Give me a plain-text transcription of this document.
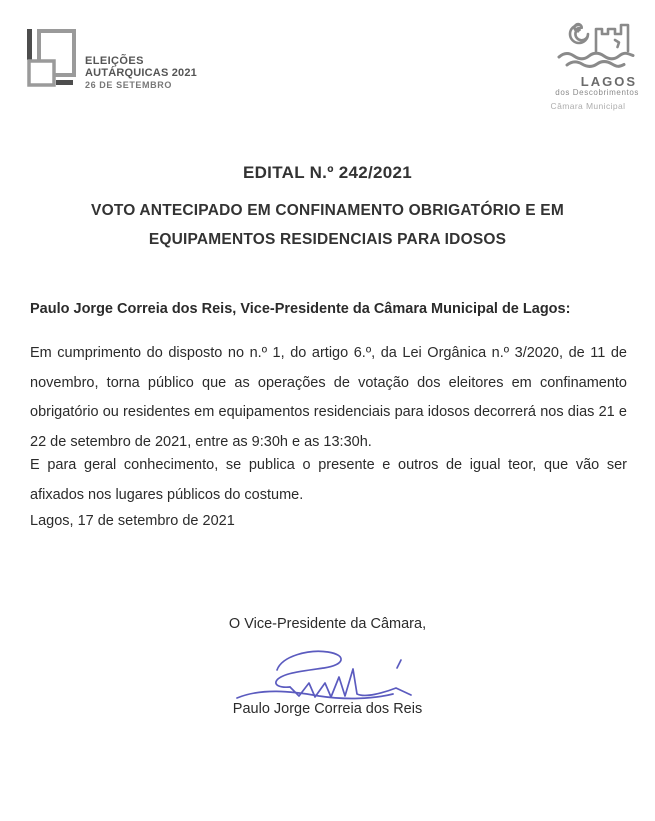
ELEIÇÕES
AUTÁRQUICAS 2021
26 DE SETEMBRO	LAGOS
dos Descobrimentos
Câmara Municipal
EDITAL N.º 242/2021
VOTO ANTECIPADO EM CONFINAMENTO OBRIGATÓRIO E EM EQUIPAMENTOS RESIDENCIAIS PARA IDOSOS
Paulo Jorge Correia dos Reis, Vice-Presidente da Câmara Municipal de Lagos:
Em cumprimento do disposto no n.º 1, do artigo 6.º, da Lei Orgânica n.º 3/2020, de 11 de novembro, torna público que as operações de votação dos eleitores em confinamento obrigatório ou residentes em equipamentos residenciais para idosos decorrerá nos dias 21 e 22 de setembro de 2021, entre as 9:30h e as 13:30h.
E para geral conhecimento, se publica o presente e outros de igual teor, que vão ser afixados nos lugares públicos do costume.
Lagos, 17 de setembro de 2021
O Vice-Presidente da Câmara,
Paulo Jorge Correia dos Reis
